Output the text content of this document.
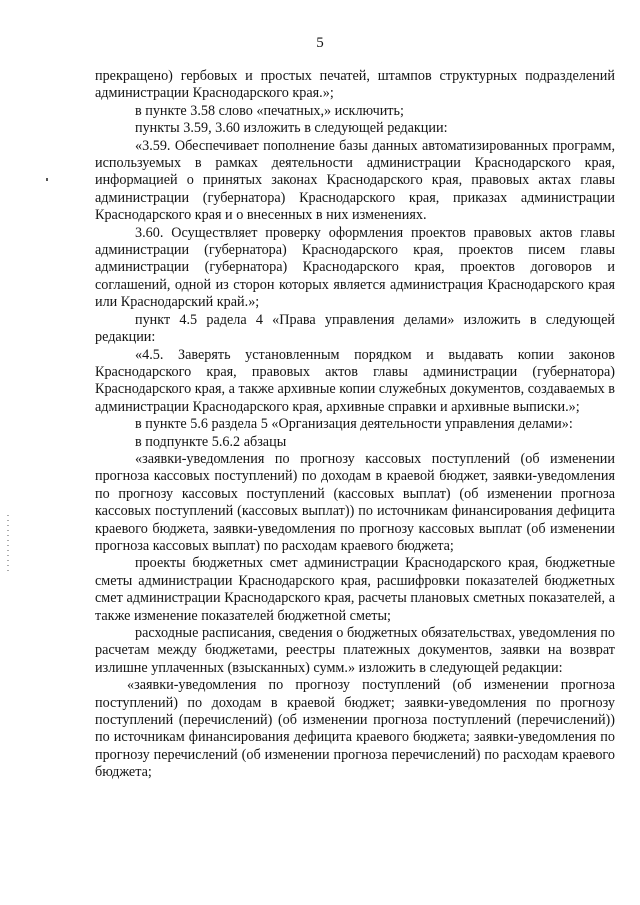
5

прекращено) гербовых и простых печатей, штампов структурных подразделений администрации Краснодарского края.»;

в пункте 3.58 слово «печатных,» исключить;

пункты 3.59, 3.60 изложить в следующей редакции:

«3.59. Обеспечивает пополнение базы данных автоматизированных программ, используемых в рамках деятельности администрации Краснодарского края, информацией о принятых законах Краснодарского края, правовых актах главы администрации (губернатора) Краснодарского края, приказах администрации Краснодарского края и о внесенных в них изменениях.

3.60. Осуществляет проверку оформления проектов правовых актов главы администрации (губернатора) Краснодарского края, проектов писем главы администрации (губернатора) Краснодарского края, проектов договоров и соглашений, одной из сторон которых является администрация Краснодарского края или Краснодарский край.»;

пункт 4.5 радела 4 «Права управления делами» изложить в следующей редакции:

«4.5. Заверять установленным порядком и выдавать копии законов Краснодарского края, правовых актов главы администрации (губернатора) Краснодарского края, а также архивные копии служебных документов, создаваемых в администрации Краснодарского края, архивные справки и архивные выписки.»;

в пункте 5.6 раздела 5 «Организация деятельности управления делами»:

в подпункте 5.6.2 абзацы

«заявки-уведомления по прогнозу кассовых поступлений (об изменении прогноза кассовых поступлений) по доходам в краевой бюджет, заявки-уведомления по прогнозу кассовых поступлений (кассовых выплат) (об изменении прогноза кассовых поступлений (кассовых выплат)) по источникам финансирования дефицита краевого бюджета, заявки-уведомления по прогнозу кассовых выплат (об изменении прогноза кассовых выплат) по расходам краевого бюджета;

проекты бюджетных смет администрации Краснодарского края, бюджетные сметы администрации Краснодарского края, расшифровки показателей бюджетных смет администрации Краснодарского края, расчеты плановых сметных показателей, а также изменение показателей бюджетной сметы;

расходные расписания, сведения о бюджетных обязательствах, уведомления по расчетам между бюджетами, реестры платежных документов, заявки на возврат излишне уплаченных (взысканных) сумм.» изложить в следующей редакции:

«заявки-уведомления по прогнозу поступлений (об изменении прогноза поступлений) по доходам в краевой бюджет; заявки-уведомления по прогнозу поступлений (перечислений) (об изменении прогноза поступлений (перечислений)) по источникам финансирования дефицита краевого бюджета; заявки-уведомления по прогнозу перечислений (об изменении прогноза перечислений) по расходам краевого бюджета;
